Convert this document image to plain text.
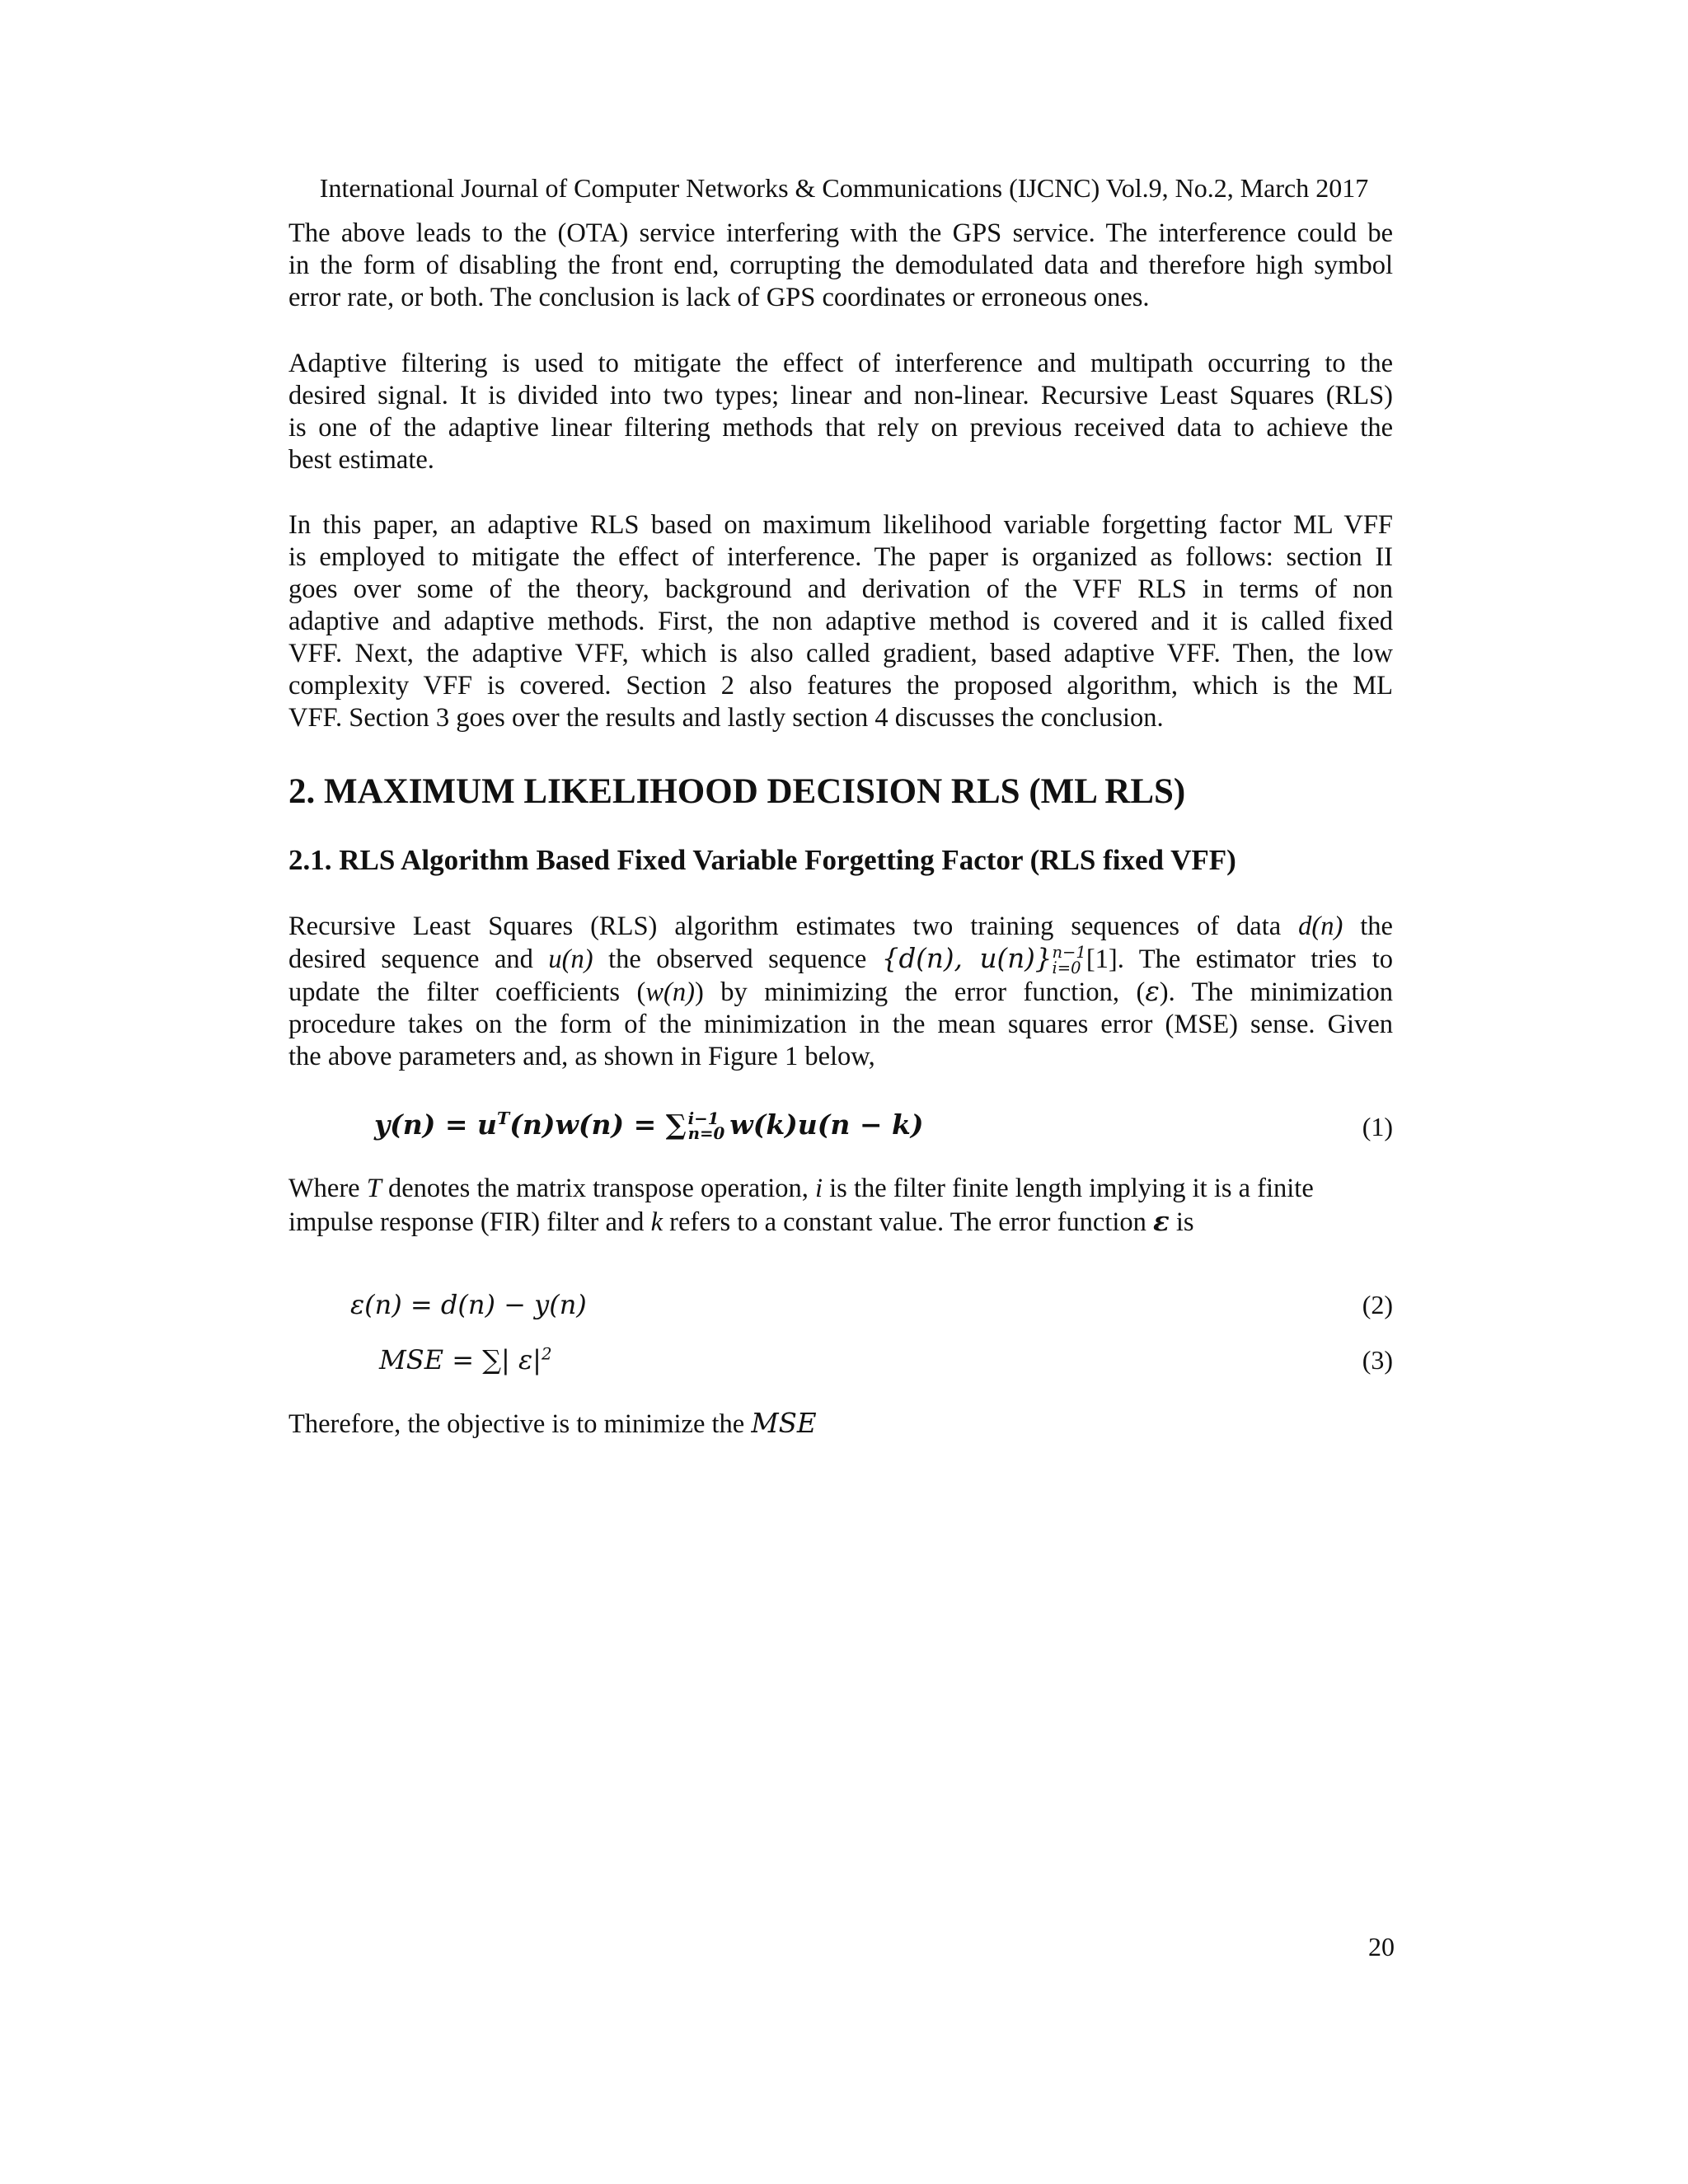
International Journal of Computer Networks & Communications (IJCNC) Vol.9, No.2, March 2017
The above leads to the (OTA) service interfering with the GPS service. The interference could be
in the form of disabling the front end, corrupting the demodulated data and therefore high symbol
error rate, or both. The conclusion is lack of GPS coordinates or erroneous ones.
Adaptive filtering is used to mitigate the effect of interference and multipath occurring to the
desired signal. It is divided into two types; linear and non-linear. Recursive Least Squares (RLS)
is one of the adaptive linear filtering methods that rely on previous received data to achieve the
best estimate.
In this paper, an adaptive RLS based on maximum likelihood variable forgetting factor ML VFF
is employed to mitigate the effect of interference. The paper is organized as follows: section II
goes over some of the theory, background and derivation of the VFF RLS in terms of non
adaptive and adaptive methods. First, the non adaptive method is covered and it is called fixed
VFF. Next, the adaptive VFF, which is also called gradient, based adaptive VFF. Then, the low
complexity VFF is covered. Section 2 also features the proposed algorithm, which is the ML
VFF. Section 3 goes over the results and lastly section 4 discusses the conclusion.
2. MAXIMUM LIKELIHOOD DECISION RLS (ML RLS)
2.1. RLS Algorithm Based Fixed Variable Forgetting Factor (RLS fixed VFF)
Recursive Least Squares (RLS) algorithm estimates two training sequences of data d(n) the
desired sequence and u(n) the observed sequence {d(n), u(n)} n−1
i=0 [1]. The estimator tries to
update the filter coefficients (w(n)) by minimizing the error function, (ε). The minimization
procedure takes on the form of the minimization in the mean squares error (MSE) sense. Given
the above parameters and, as shown in Figure 1 below,
$y(n) = u^T(n)w(n)$ = ∑ i−1
n=0 w(k)u(n − k)	(1)
Where T denotes the matrix transpose operation, i is the filter finite length implying it is a finite
impulse response (FIR) filter and k refers to a constant value. The error function ε is
ε(n) = d(n) − y(n)	(2)
MSE = ∑| $\varepsilon|^2$	(3)
Therefore, the objective is to minimize the MSE
20
